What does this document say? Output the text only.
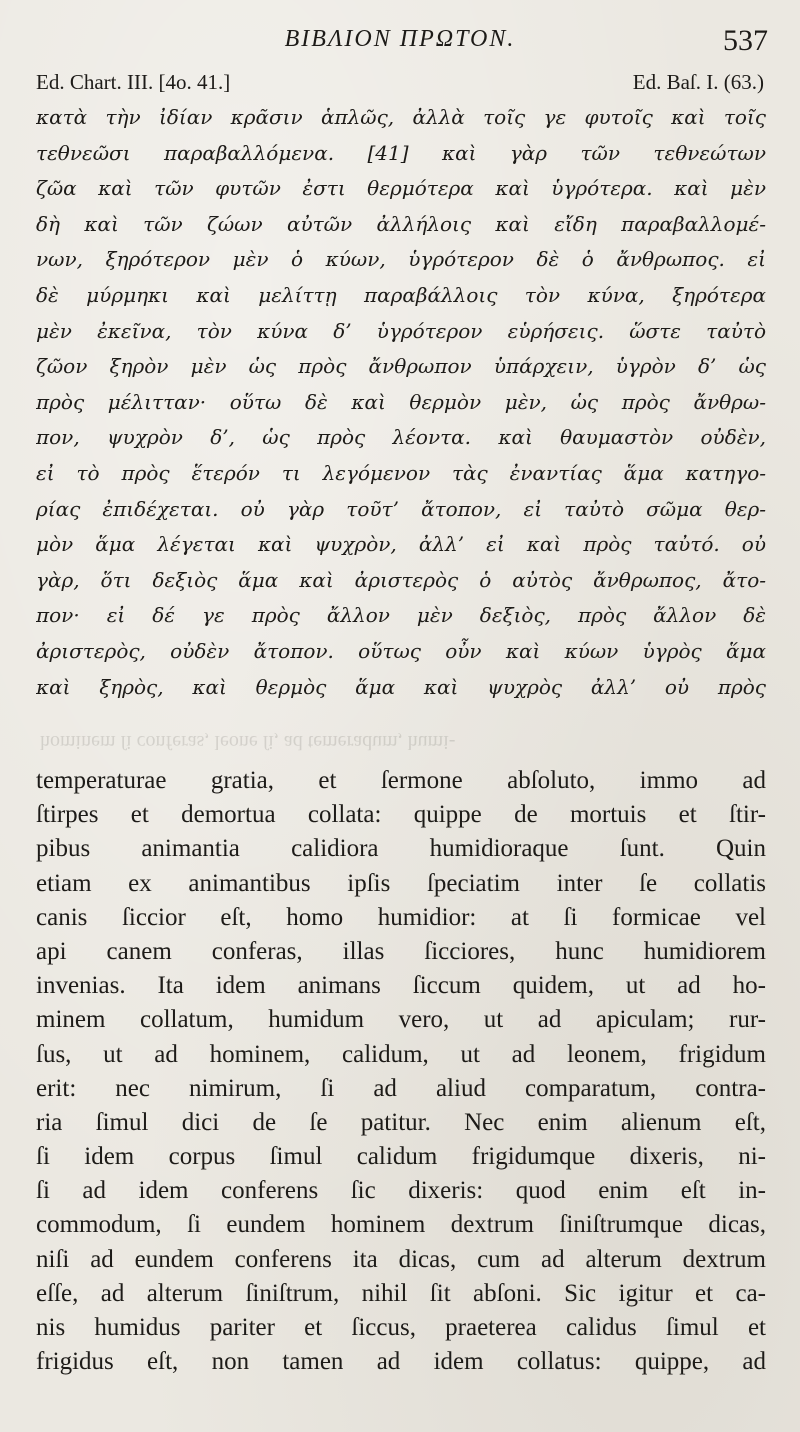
ΒΙΒΛΙΟΝ ΠΡΩΤΟΝ.	537
Ed. Chart. III. [4o. 41.]	Ed. Baſ. I. (63.)
κατὰ τὴν ἰδίαν κρᾶσιν ἁπλῶς, ἀλλὰ τοῖς γε φυτοῖς καὶ τοῖς
τεθνεῶσι παραβαλλόμενα. [41] καὶ γὰρ τῶν τεθνεώτων
ζῶα καὶ τῶν φυτῶν ἐστι θερμότερα καὶ ὑγρότερα. καὶ μὲν
δὴ καὶ τῶν ζώων αὐτῶν ἀλλήλοις καὶ εἴδη παραβαλλομέ-
νων, ξηρότερον μὲν ὁ κύων, ὑγρότερον δὲ ὁ ἄνθρωπος. εἰ
δὲ μύρμηκι καὶ μελίττῃ παραβάλλοις τὸν κύνα, ξηρότερα
μὲν ἐκεῖνα, τὸν κύνα δ’ ὑγρότερον εὑρήσεις. ὥστε ταὐτὸ
ζῶον ξηρὸν μὲν ὡς πρὸς ἄνθρωπον ὑπάρχειν, ὑγρὸν δ’ ὡς
πρὸς μέλιτταν· οὕτω δὲ καὶ θερμὸν μὲν, ὡς πρὸς ἄνθρω-
πον, ψυχρὸν δ’, ὡς πρὸς λέοντα. καὶ θαυμαστὸν οὐδὲν,
εἰ τὸ πρὸς ἕτερόν τι λεγόμενον τὰς ἐναντίας ἅμα κατηγο-
ρίας ἐπιδέχεται. οὐ γὰρ τοῦτ’ ἄτοπον, εἰ ταὐτὸ σῶμα θερ-
μὸν ἅμα λέγεται καὶ ψυχρὸν, ἀλλ’ εἰ καὶ πρὸς ταὐτό. οὐ
γὰρ, ὅτι δεξιὸς ἅμα καὶ ἀριστερὸς ὁ αὐτὸς ἄνθρωπος, ἄτο-
πον· εἰ δέ γε πρὸς ἄλλον μὲν δεξιὸς, πρὸς ἄλλον δὲ
ἀριστερὸς, οὐδὲν ἄτοπον. οὕτως οὖν καὶ κύων ὑγρὸς ἅμα
καὶ ξηρὸς, καὶ θερμὸς ἅμα καὶ ψυχρὸς ἀλλ’ οὐ πρὸς
hominem ſi conferas, leone ſi, ad temeradum, humi-
temperaturae gratia, et ſermone abſoluto, immo ad
ſtirpes et demortua collata: quippe de mortuis et ſtir-
pibus animantia calidiora humidioraque ſunt. Quin
etiam ex animantibus ipſis ſpeciatim inter ſe collatis
canis ſiccior eſt, homo humidior: at ſi formicae vel
api canem conferas, illas ſicciores, hunc humidiorem
invenias. Ita idem animans ſiccum quidem, ut ad ho-
minem collatum, humidum vero, ut ad apiculam; rur-
ſus, ut ad hominem, calidum, ut ad leonem, frigidum
erit: nec nimirum, ſi ad aliud comparatum, contra-
ria ſimul dici de ſe patitur. Nec enim alienum eſt,
ſi idem corpus ſimul calidum frigidumque dixeris, ni-
ſi ad idem conferens ſic dixeris: quod enim eſt in-
commodum, ſi eundem hominem dextrum ſiniſtrumque dicas,
niſi ad eundem conferens ita dicas, cum ad alterum dextrum
eſſe, ad alterum ſiniſtrum, nihil ſit abſoni. Sic igitur et ca-
nis humidus pariter et ſiccus, praeterea calidus ſimul et
frigidus eſt, non tamen ad idem collatus: quippe, ad
